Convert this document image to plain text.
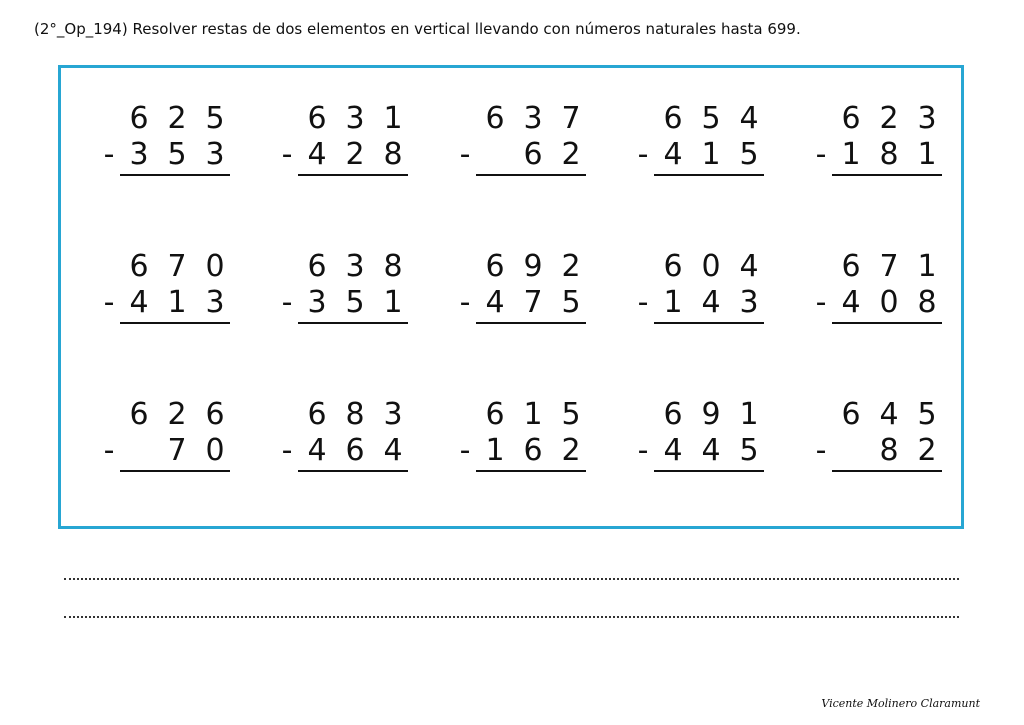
(2°_Op_194) Resolver restas de dos elementos en vertical llevando con números naturales hasta 699.
6 2 5
- 3 5 3
6 3 1
- 4 2 8
6 3 7
-	6 2
6 5 4
- 4 1 5
6 2 3
- 1 8 1
6 7 0
- 4 1 3
6 3 8
- 3 5 1
6 9 2
- 4 7 5
6 0 4
- 1 4 3
6 7 1
- 4 0 8
6 2 6
-	7 0
6 8 3
- 4 6 4
6 1 5
- 1 6 2
6 9 1
- 4 4 5
6 4 5
-	8 2
Vicente Molinero Claramunt
